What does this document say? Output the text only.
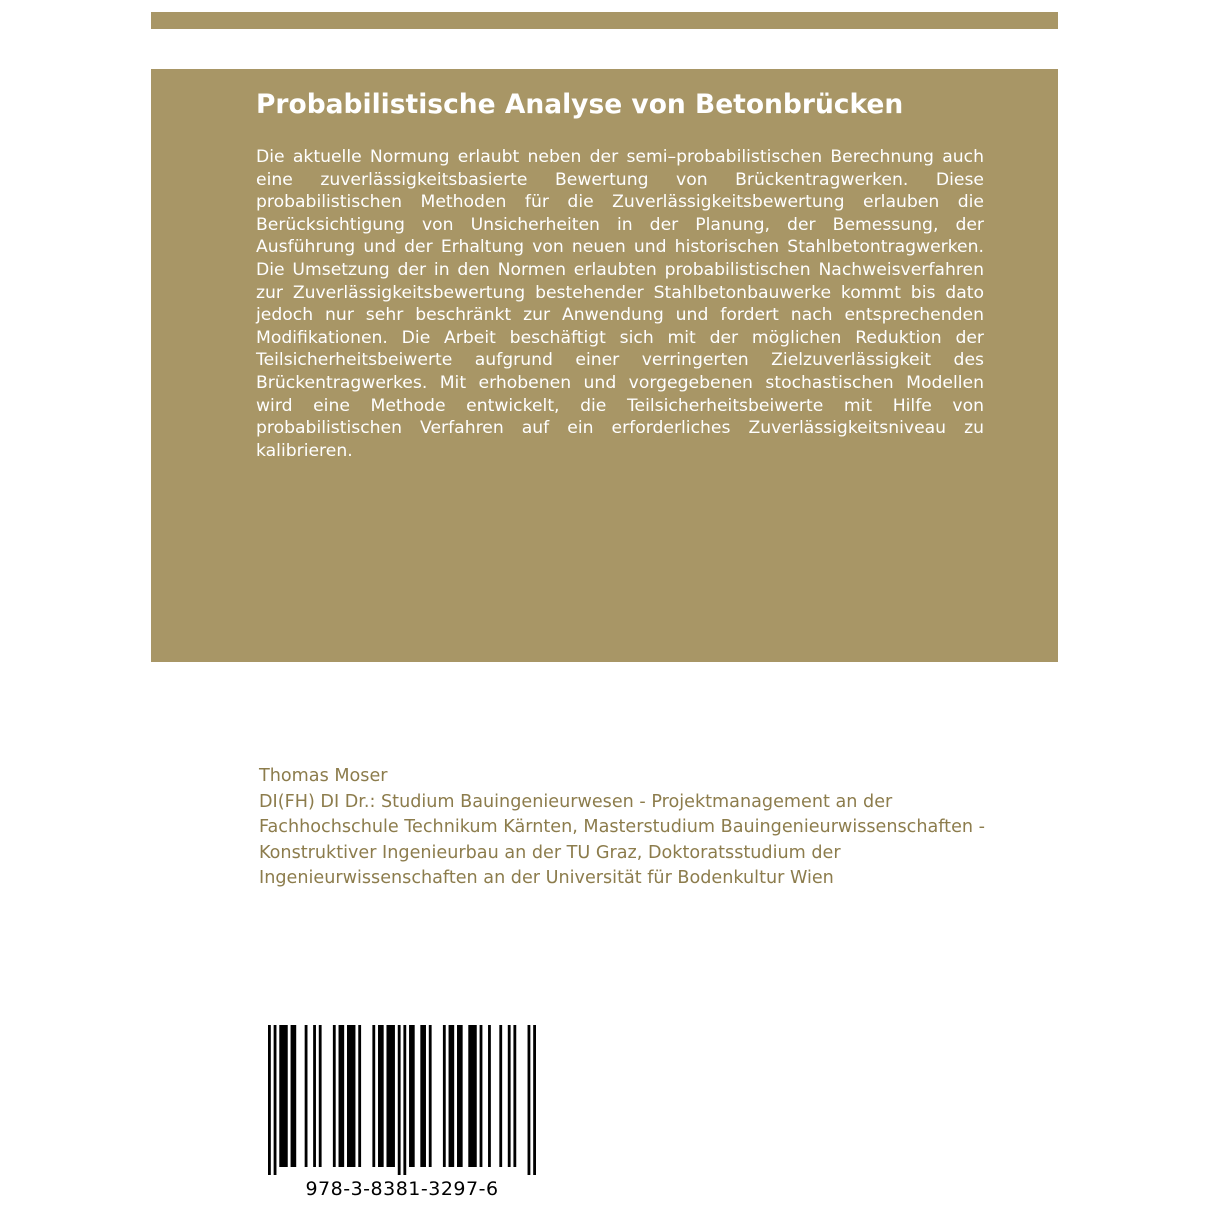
Probabilistische Analyse von Betonbrücken

Die aktuelle Normung erlaubt neben der semi–probabilistischen Berechnung auch eine zuverlässigkeitsbasierte Bewertung von Brückentragwerken. Diese probabilistischen Methoden für die Zuverlässigkeitsbewertung erlauben die Berücksichtigung von Unsicherheiten in der Planung, der Bemessung, der Ausführung und der Erhaltung von neuen und historischen Stahlbetontragwerken. Die Umsetzung der in den Normen erlaubten probabilistischen Nachweisverfahren zur Zuverlässigkeitsbewertung bestehender Stahlbetonbauwerke kommt bis dato jedoch nur sehr beschränkt zur Anwendung und fordert nach entsprechenden Modifikationen. Die Arbeit beschäftigt sich mit der möglichen Reduktion der Teilsicherheitsbeiwerte aufgrund einer verringerten Zielzuverlässigkeit des Brückentragwerkes. Mit erhobenen und vorgegebenen stochastischen Modellen wird eine Methode entwickelt, die Teilsicherheitsbeiwerte mit Hilfe von probabilistischen Verfahren auf ein erforderliches Zuverlässigkeitsniveau zu kalibrieren.

Thomas Moser

DI(FH) DI Dr.: Studium Bauingenieurwesen - Projektmanagement an der Fachhochschule Technikum Kärnten, Masterstudium Bauingenieurwissenschaften - Konstruktiver Ingenieurbau an der TU Graz, Doktoratsstudium der Ingenieurwissenschaften an der Universität für Bodenkultur Wien

978-3-8381-3297-6
